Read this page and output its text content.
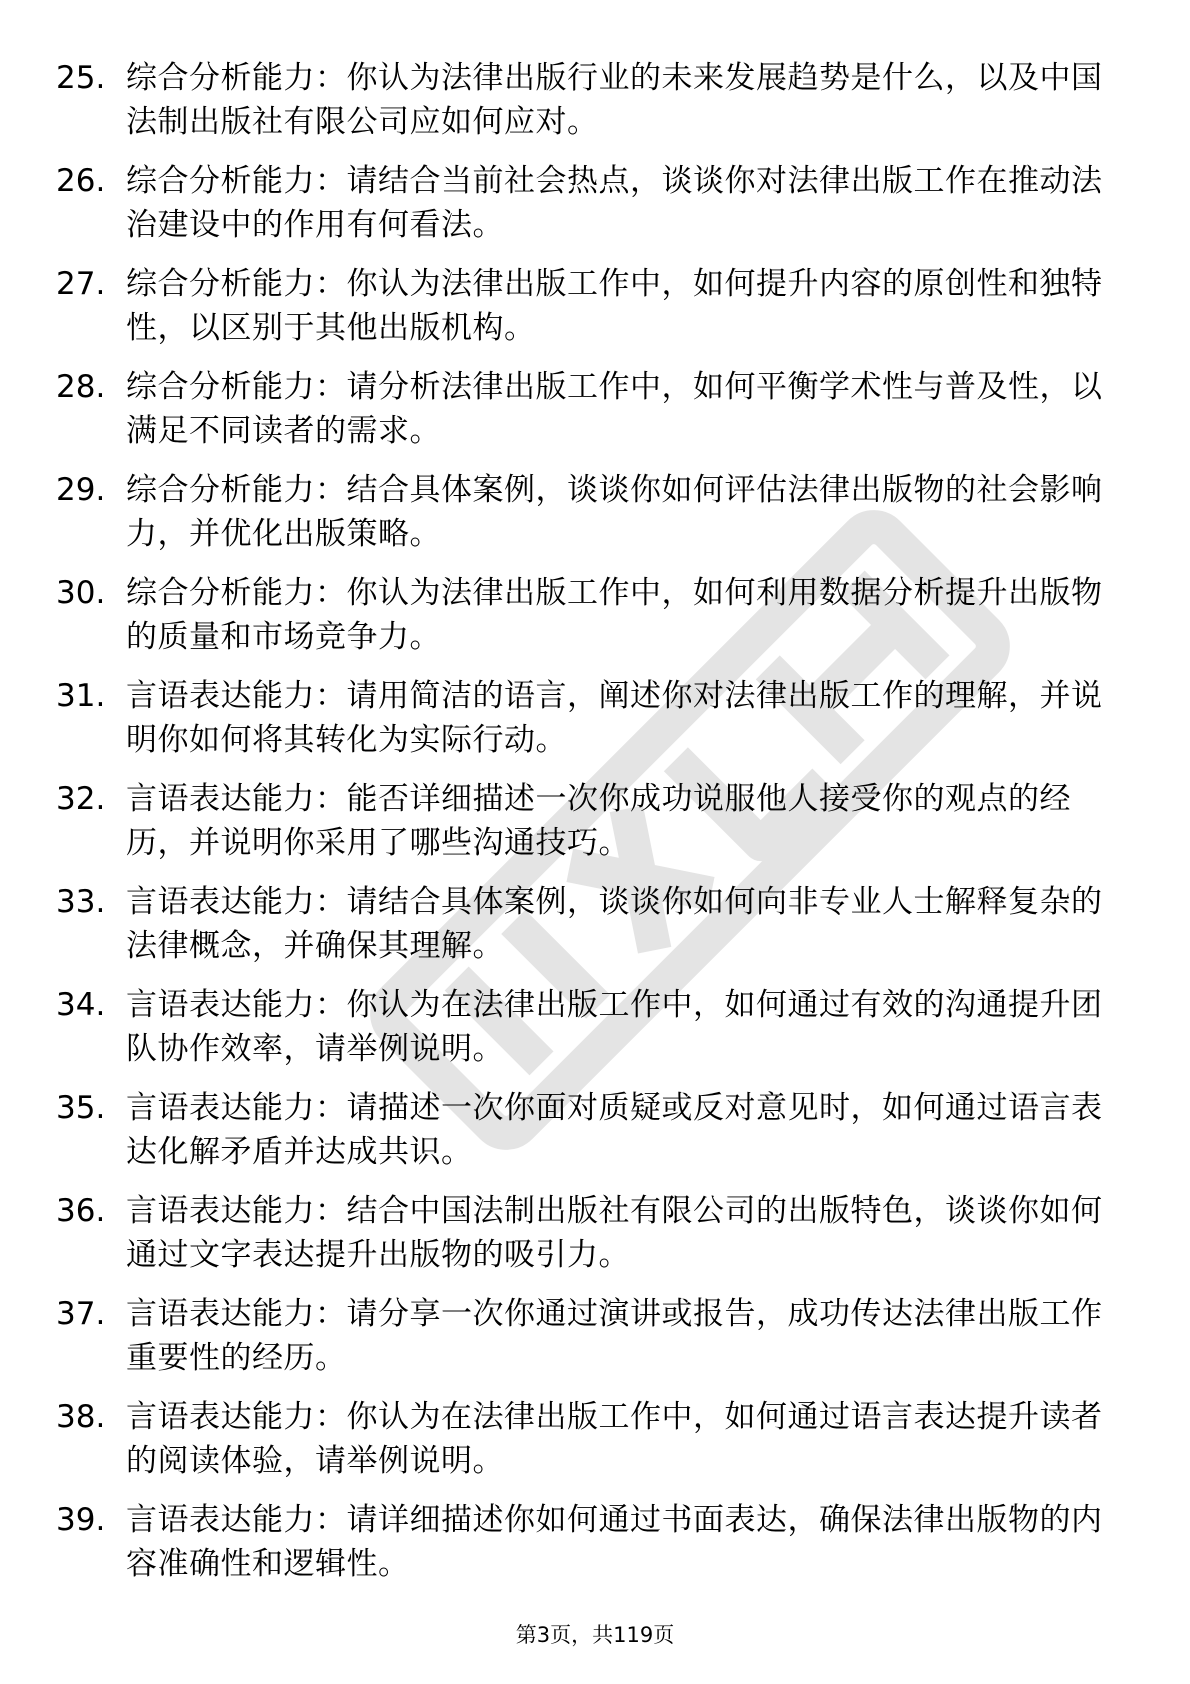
25. 综合分析能力：你认为法律出版行业的未来发展趋势是什么，以及中国法制出版社有限公司应如何应对。
26. 综合分析能力：请结合当前社会热点，谈谈你对法律出版工作在推动法治建设中的作用有何看法。
27. 综合分析能力：你认为法律出版工作中，如何提升内容的原创性和独特性，以区别于其他出版机构。
28. 综合分析能力：请分析法律出版工作中，如何平衡学术性与普及性，以满足不同读者的需求。
29. 综合分析能力：结合具体案例，谈谈你如何评估法律出版物的社会影响力，并优化出版策略。
30. 综合分析能力：你认为法律出版工作中，如何利用数据分析提升出版物的质量和市场竞争力。
31. 言语表达能力：请用简洁的语言，阐述你对法律出版工作的理解，并说明你如何将其转化为实际行动。
32. 言语表达能力：能否详细描述一次你成功说服他人接受你的观点的经历，并说明你采用了哪些沟通技巧。
33. 言语表达能力：请结合具体案例，谈谈你如何向非专业人士解释复杂的法律概念，并确保其理解。
34. 言语表达能力：你认为在法律出版工作中，如何通过有效的沟通提升团队协作效率，请举例说明。
35. 言语表达能力：请描述一次你面对质疑或反对意见时，如何通过语言表达化解矛盾并达成共识。
36. 言语表达能力：结合中国法制出版社有限公司的出版特色，谈谈你如何通过文字表达提升出版物的吸引力。
37. 言语表达能力：请分享一次你通过演讲或报告，成功传达法律出版工作重要性的经历。
38. 言语表达能力：你认为在法律出版工作中，如何通过语言表达提升读者的阅读体验，请举例说明。
39. 言语表达能力：请详细描述你如何通过书面表达，确保法律出版物的内容准确性和逻辑性。
第3页，共119页
